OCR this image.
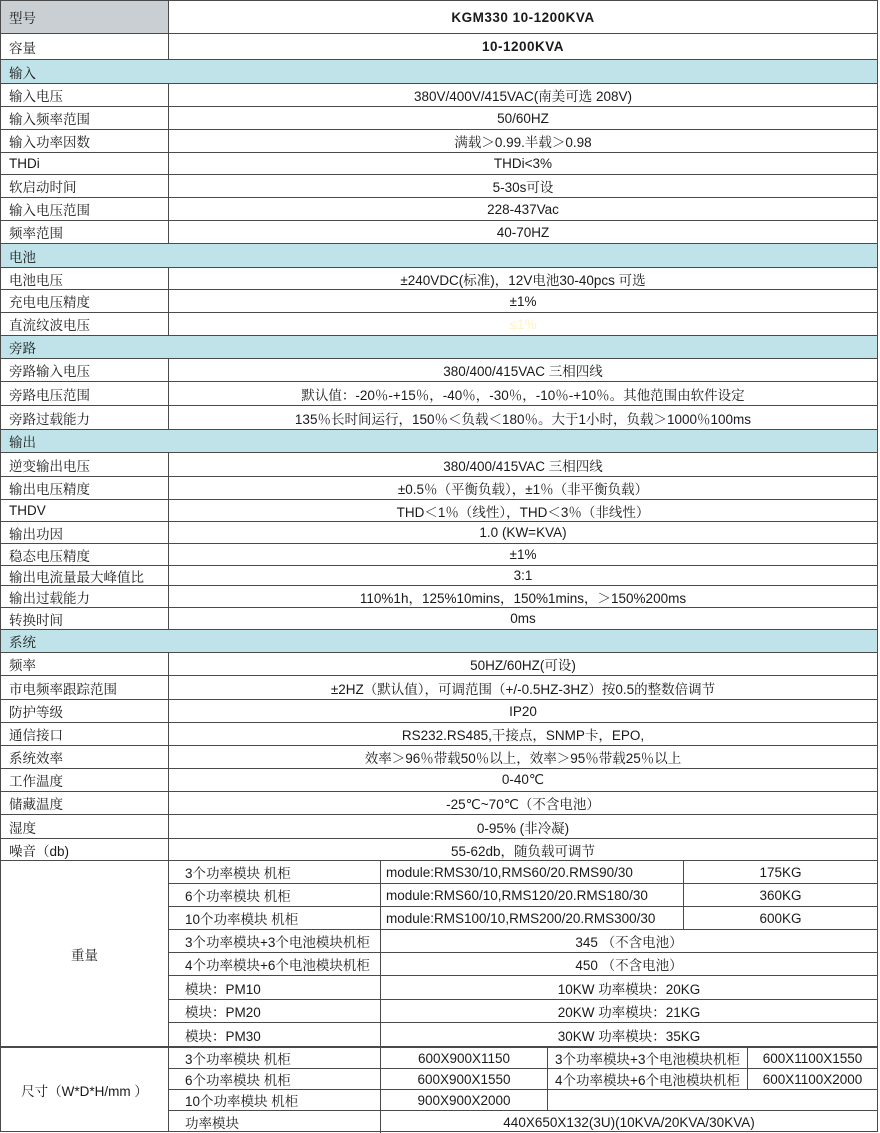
型号	KGM330 10-1200KVA
容量	10-1200KVA
输入
输入电压	380V/400V/415VAC(南美可选 208V)
输入频率范围	50/60HZ
输入功率因数	满载＞0.99.半载＞0.98
THDi	THDi<3%
软启动时间	5-30s可设
输入电压范围	228-437Vac
频率范围	40-70HZ
电池
电池电压	±240VDC(标准)，12V电池30-40pcs 可选
充电电压精度	±1%
直流纹波电压	≤1%
旁路
旁路输入电压	380/400/415VAC 三相四线
旁路电压范围	默认值：-20％-+15％，-40％，-30％，-10％-+10％。其他范围由软件设定
旁路过载能力	135％长时间运行，150％＜负载＜180％。大于1小时，负载＞1000％100ms
输出
逆变输出电压	380/400/415VAC 三相四线
输出电压精度	±0.5％（平衡负载），±1％（非平衡负载）
THDV	THD＜1％（线性），THD＜3％（非线性）
输出功因	1.0 (KW=KVA)
稳态电压精度	±1%
输出电流量最大峰值比	3:1
输出过载能力	110%1h，125%10mins，150%1mins，＞150%200ms
转换时间	0ms
系统
频率	50HZ/60HZ(可设)
市电频率跟踪范围	±2HZ（默认值），可调范围（+/-0.5HZ-3HZ）按0.5的整数倍调节
防护等级	IP20
通信接口	RS232.RS485,干接点，SNMP卡，EPO,
系统效率	效率＞96％带载50％以上，效率＞95％带载25％以上
工作温度	0-40℃
储藏温度	-25℃~70℃（不含电池）
湿度	0-95% (非冷凝)
噪音（db)	55-62db，随负载可调节
重量
3个功率模块 机柜	module:RMS30/10,RMS60/20.RMS90/30	175KG
6个功率模块 机柜	module:RMS60/10,RMS120/20.RMS180/30	360KG
10个功率模块 机柜	module:RMS100/10,RMS200/20.RMS300/30	600KG
3个功率模块+3个电池模块机柜	345 （不含电池）
4个功率模块+6个电池模块机柜	450 （不含电池）
模块：PM10	10KW 功率模块：20KG
模块：PM20	20KW 功率模块：21KG
模块：PM30	30KW 功率模块：35KG
尺寸（W*D*H/mm ）
3个功率模块 机柜	600X900X1150	3个功率模块+3个电池模块机柜	600X1100X1550
6个功率模块 机柜	600X900X1550	4个功率模块+6个电池模块机柜	600X1100X2000
10个功率模块 机柜	900X900X2000
功率模块	440X650X132(3U)(10KVA/20KVA/30KVA)
